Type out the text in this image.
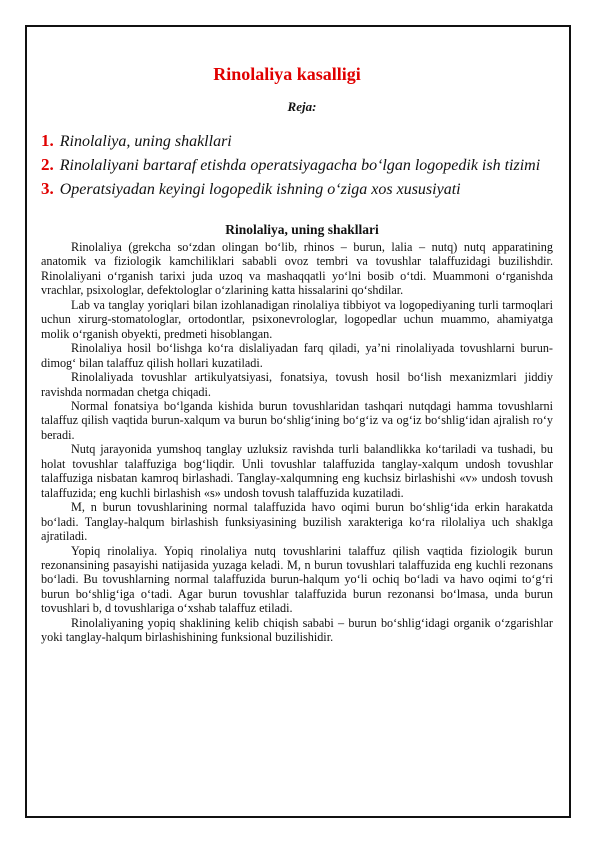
Rinolaliya kasalligi
Reja:
1. Rinolaliya, uning shakllari
2. Rinolaliyani bartaraf etishda operatsiyagacha bo‘lgan logopedik ish tizimi
3. Operatsiyadan keyingi logopedik ishning o‘ziga xos xususiyati
Rinolaliya, uning shakllari

Rinolaliya (grekcha so‘zdan olingan bo‘lib, rhinos – burun, lalia – nutq) nutq apparatining anatomik va fiziologik kamchiliklari sababli ovoz tembri va tovushlar talaffuzidagi buzilishdir. Rinolaliyani o‘rganish tarixi juda uzoq va mashaqqatli yo‘lni bosib o‘tdi. Muammoni o‘rganishda vrachlar, psixologlar, defektologlar o‘zlarining katta hissalarini qo‘shdilar.

Lab va tanglay yoriqlari bilan izohlanadigan rinolaliya tibbiyot va logopediyaning turli tarmoqlari uchun xirurg-stomatologlar, ortodontlar, psixonevrologlar, logopedlar uchun muammo, ahamiyatga molik o‘rganish obyekti, predmeti hisoblangan.

Rinolaliya hosil bo‘lishga ko‘ra dislaliyadan farq qiladi, ya’ni rinolaliyada tovushlarni burun-dimog‘ bilan talaffuz qilish hollari kuzatiladi.

Rinolaliyada tovushlar artikulyatsiyasi, fonatsiya, tovush hosil bo‘lish mexanizmlari jiddiy ravishda normadan chetga chiqadi.

Normal fonatsiya bo‘lganda kishida burun tovushlaridan tashqari nutqdagi hamma tovushlarni talaffuz qilish vaqtida burun-xalqum va burun bo‘shlig‘ining bo‘g‘iz va og‘iz bo‘shlig‘idan ajralish ro‘y beradi.

Nutq jarayonida yumshoq tanglay uzluksiz ravishda turli balandlikka ko‘tariladi va tushadi, bu holat tovushlar talaffuziga bog‘liqdir. Unli tovushlar talaffuzida tanglay-xalqum undosh tovushlar talaffuziga nisbatan kamroq birlashadi. Tanglay-xalqumning eng kuchsiz birlashishi «v» undosh tovush talaffuzida; eng kuchli birlashish «s» undosh tovush talaffuzida kuzatiladi.

M, n burun tovushlarining normal talaffuzida havo oqimi burun bo‘shlig‘ida erkin harakatda bo‘ladi. Tanglay-halqum birlashish funksiyasining buzilish xarakteriga ko‘ra rilolaliya uch shaklga ajratiladi.

Yopiq rinolaliya. Yopiq rinolaliya nutq tovushlarini talaffuz qilish vaqtida fiziologik burun rezonansining pasayishi natijasida yuzaga keladi. M, n burun tovushlari talaffuzida eng kuchli rezonans bo‘ladi. Bu tovushlarning normal talaffuzida burun-halqum yo‘li ochiq bo‘ladi va havo oqimi to‘g‘ri burun bo‘shlig‘iga o‘tadi. Agar burun tovushlar talaffuzida burun rezonansi bo‘lmasa, unda burun tovushlari b, d tovushlariga o‘xshab talaffuz etiladi.

Rinolaliyaning yopiq shaklining kelib chiqish sababi – burun bo‘shlig‘idagi organik o‘zgarishlar yoki tanglay-halqum birlashishining funksional buzilishidir.
